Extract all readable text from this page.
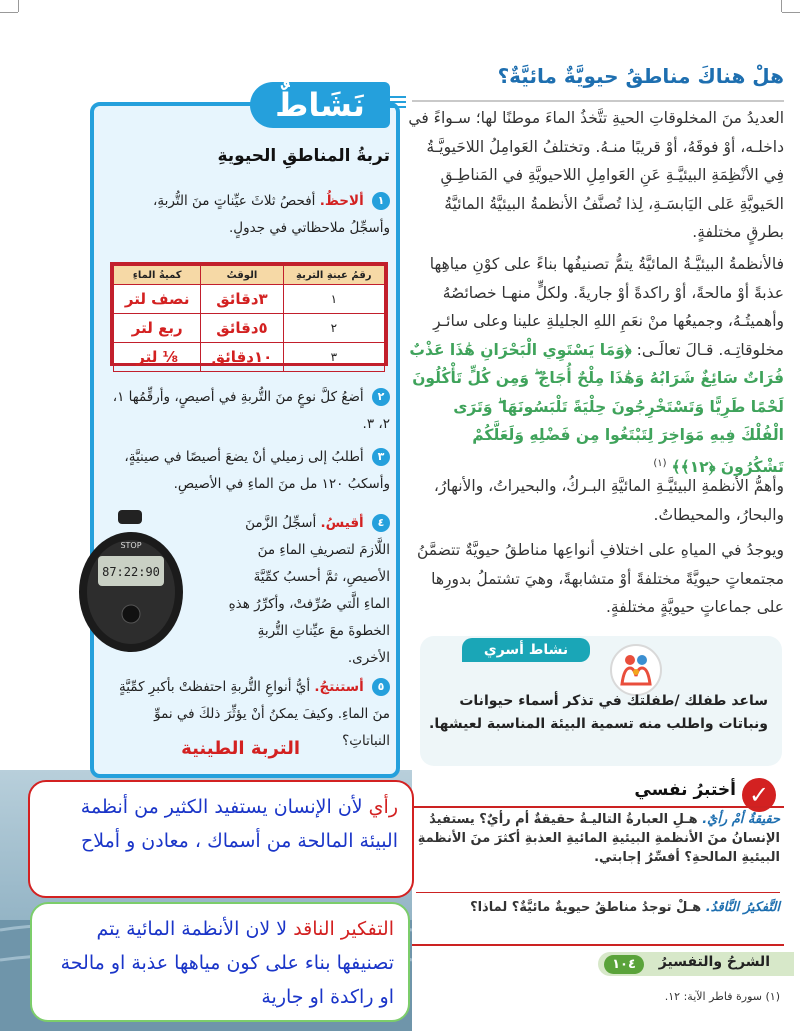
هلْ هناكَ مناطقُ حيويَّةٌ مائيَّةٌ؟
العديدُ منَ المخلوقاتِ الحيةِ تتَّخذُ الماءَ موطنًا لها؛ سـواءً في داخلـه، أوْ فوقَهُ، أوْ قريبًا منـهُ. وتختلفُ العَوامِلُ اللاحَيويَّـةُ فِي الأنْظِمَةِ البيئيَّـةِ عَنِ العَوامِلِ اللاحيويَّةِ في المَناطِـقِ الحَيويَّةِ عَلى اليَابسَـةِ، لِذا تُصنَّفُ الأنظمةُ البيئيَّةُ المائيَّةُ بطرقٍ مختلفةٍ.
فالأنظمةُ البيئيَّـةُ المائيَّةُ يتمُّ تصنيفُها بناءً على كوْنِ مياهِها عذبةً أوْ مالحةً، أوْ راكدةً أوْ جاريةً. ولكلٍّ منهـا خصائصُهُ وأهميتُـهُ، وجميعُها منْ نعَمِ اللهِ الجليلةِ علينا وعلى سائـرِ مخلوقاتِـه. قـالَ تعالَـى: ﴿وَمَا يَسْتَوِي الْبَحْرَانِ هَٰذَا عَذْبٌ فُرَاتٌ سَائِغٌ شَرَابُهُ وَهَٰذَا مِلْحٌ أُجَاجٌ ۖ وَمِن كُلٍّ تَأْكُلُونَ لَحْمًا طَرِيًّا وَتَسْتَخْرِجُونَ حِلْيَةً تَلْبَسُونَهَا ۖ وَتَرَى الْفُلْكَ فِيهِ مَوَاخِرَ لِتَبْتَغُوا مِن فَضْلِهِ وَلَعَلَّكُمْ تَشْكُرُونَ ﴿١٢﴾﴾ $^{(١)}$
وأهمُّ الأنظمةِ البيئيَّـةِ المائيَّةِ البـركُ، والبحيراتُ، والأنهارُ، والبحارُ، والمحيطاتُ.
ويوجدُ في المياهِ على اختلافِ أنواعِها مناطقُ حيويَّةٌ تتضمَّنُ مجتمعاتٍ حيويَّةً مختلفةً أوْ متشابهةً، وهيَ تشتملُ بدورِها على جماعاتٍ حيويَّةٍ مختلفةٍ.
نشاط أسري
ساعد طفلك /طفلتك في تذكر أسماء حيوانات ونباتات واطلب منه تسمية البيئة المناسبة لعيشها.
✓
أختبرُ نفسي
حقيقةٌ أمْ رأيٌ. هـلِ العبارةُ التاليـةُ حقيقةٌ أم رأيٌ؟ يستفيدُ الإنسانُ منَ الأنظمةِ البيئيةِ المائيةِ العذبةِ أكثرَ منَ الأنظمةِ البيئيةِ المالحةِ؟ أفسِّرُ إجابتي.
التَّفكيرُ النَّاقدُ. هـلْ توجدُ مناطقُ حيويةٌ مائيَّةٌ؟ لماذا؟
الشرحُ والتفسيرُ
١٠٤
(١) سورة فاطر الآية: ١٢.
نَشَاطٌ
تربةُ المناطقِ الحيويةِ
١ ألاحظُ. أفحصُ ثلاثَ عيِّناتٍ منَ التُّربةِ، وأسجِّلُ ملاحظاتي في جدولٍ.
رقمُ عينةِ التربةِ	الوقتُ	كميةُ الماءِ
١	٣دقائق	نصف لتر
٢	٥دقائق	ربع لتر
٣	١٠دقائق	⅛ لتر
٢ أضعُ كلَّ نوعٍ منَ التُّربةِ في أصيصٍ، وأرقِّمُها ١، ٢، ٣.
٣ أطلبُ إلى زميلي أنْ يضعَ أصيصًا في صينيَّةٍ، وأسكبُ ١٢٠ مل منَ الماءِ في الأصيصِ.
87:22:90
STOP
٤ أقيسُ. أسجِّلُ الزَّمنَ اللَّازمَ لتصريفِ الماءِ منَ الأصيصِ، ثمَّ أحسبُ كمِّيَّةَ الماءِ الَّتي صُرِّفتْ، وأكرِّرُ هذهِ الخطوةَ معَ عيِّناتِ التُّربةِ الأخرى.
٥ أستنتجُ. أيُّ أنواعِ التُّربةِ احتفظتْ بأكبرِ كمِّيَّةٍ منَ الماءِ. وكيفَ يمكنُ أنْ يؤثِّرَ ذلكَ في نموِّ النباتاتِ؟
التربة الطينية
رأي لأن الإنسان يستفيد الكثير من أنظمة البيئة المالحة من أسماك ، معادن و أملاح
التفكير الناقد لا لان الأنظمة المائية يتم تصنيفها بناء على كون مياهها عذبة او مالحة او راكدة او جارية
